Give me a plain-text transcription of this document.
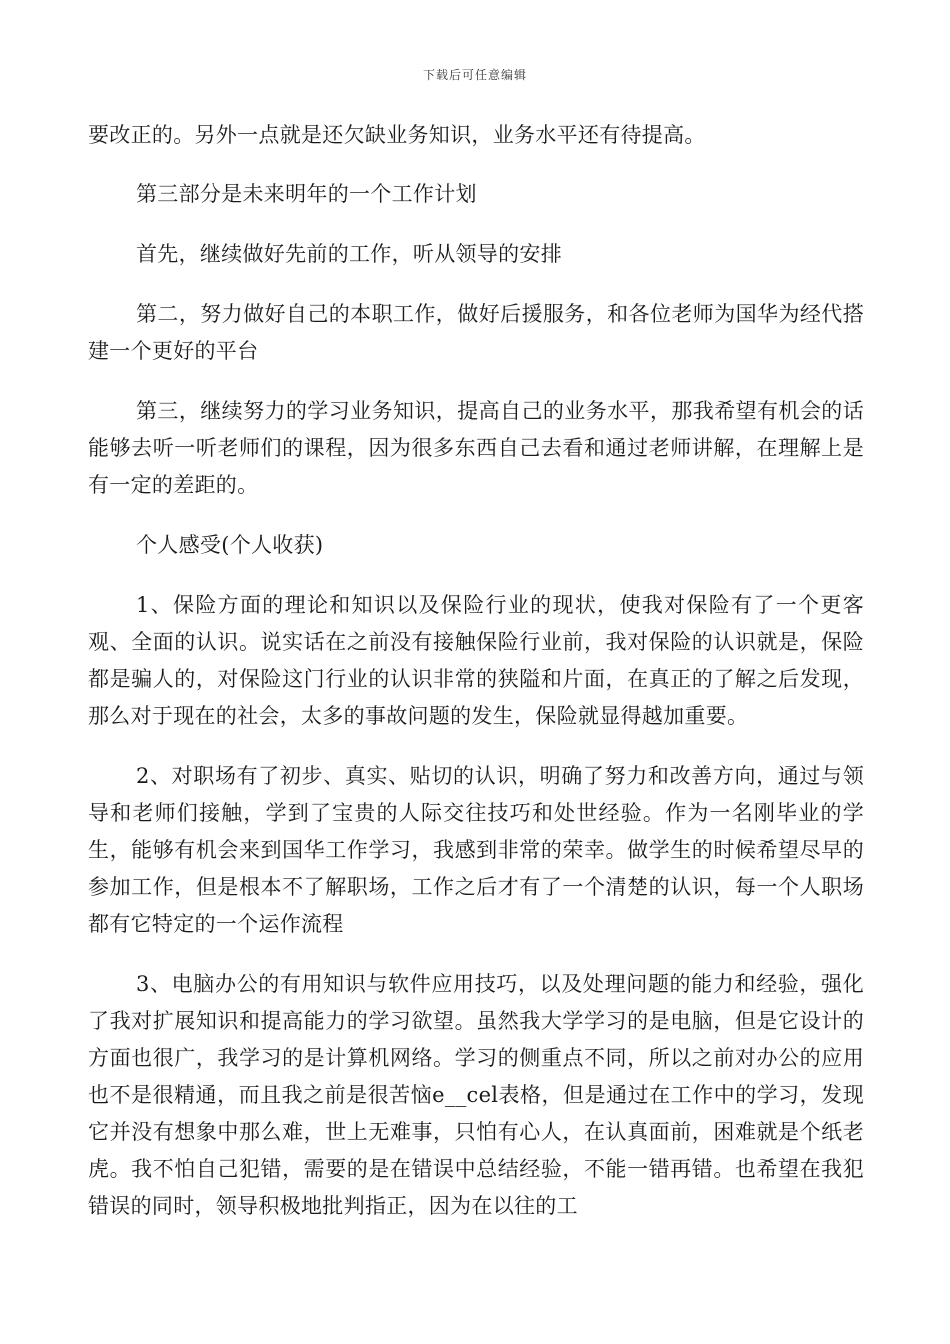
下载后可任意编辑

要改正的。另外一点就是还欠缺业务知识，业务水平还有待提高。

第三部分是未来明年的一个工作计划

首先，继续做好先前的工作，听从领导的安排

第二，努力做好自己的本职工作，做好后援服务，和各位老师为国华为经代搭建一个更好的平台

第三，继续努力的学习业务知识，提高自己的业务水平，那我希望有机会的话能够去听一听老师们的课程，因为很多东西自己去看和通过老师讲解，在理解上是有一定的差距的。

个人感受(个人收获)

1、保险方面的理论和知识以及保险行业的现状，使我对保险有了一个更客观、全面的认识。说实话在之前没有接触保险行业前，我对保险的认识就是，保险都是骗人的，对保险这门行业的认识非常的狭隘和片面，在真正的了解之后发现，那么对于现在的社会，太多的事故问题的发生，保险就显得越加重要。

2、对职场有了初步、真实、贴切的认识，明确了努力和改善方向，通过与领导和老师们接触，学到了宝贵的人际交往技巧和处世经验。作为一名刚毕业的学生，能够有机会来到国华工作学习，我感到非常的荣幸。做学生的时候希望尽早的参加工作，但是根本不了解职场，工作之后才有了一个清楚的认识，每一个人职场都有它特定的一个运作流程

3、电脑办公的有用知识与软件应用技巧，以及处理问题的能力和经验，强化了我对扩展知识和提高能力的学习欲望。虽然我大学学习的是电脑，但是它设计的方面也很广，我学习的是计算机网络。学习的侧重点不同，所以之前对办公的应用也不是很精通，而且我之前是很苦恼e__cel表格，但是通过在工作中的学习，发现它并没有想象中那么难，世上无难事，只怕有心人，在认真面前，困难就是个纸老虎。我不怕自己犯错，需要的是在错误中总结经验，不能一错再错。也希望在我犯错误的同时，领导积极地批判指正，因为在以往的工
